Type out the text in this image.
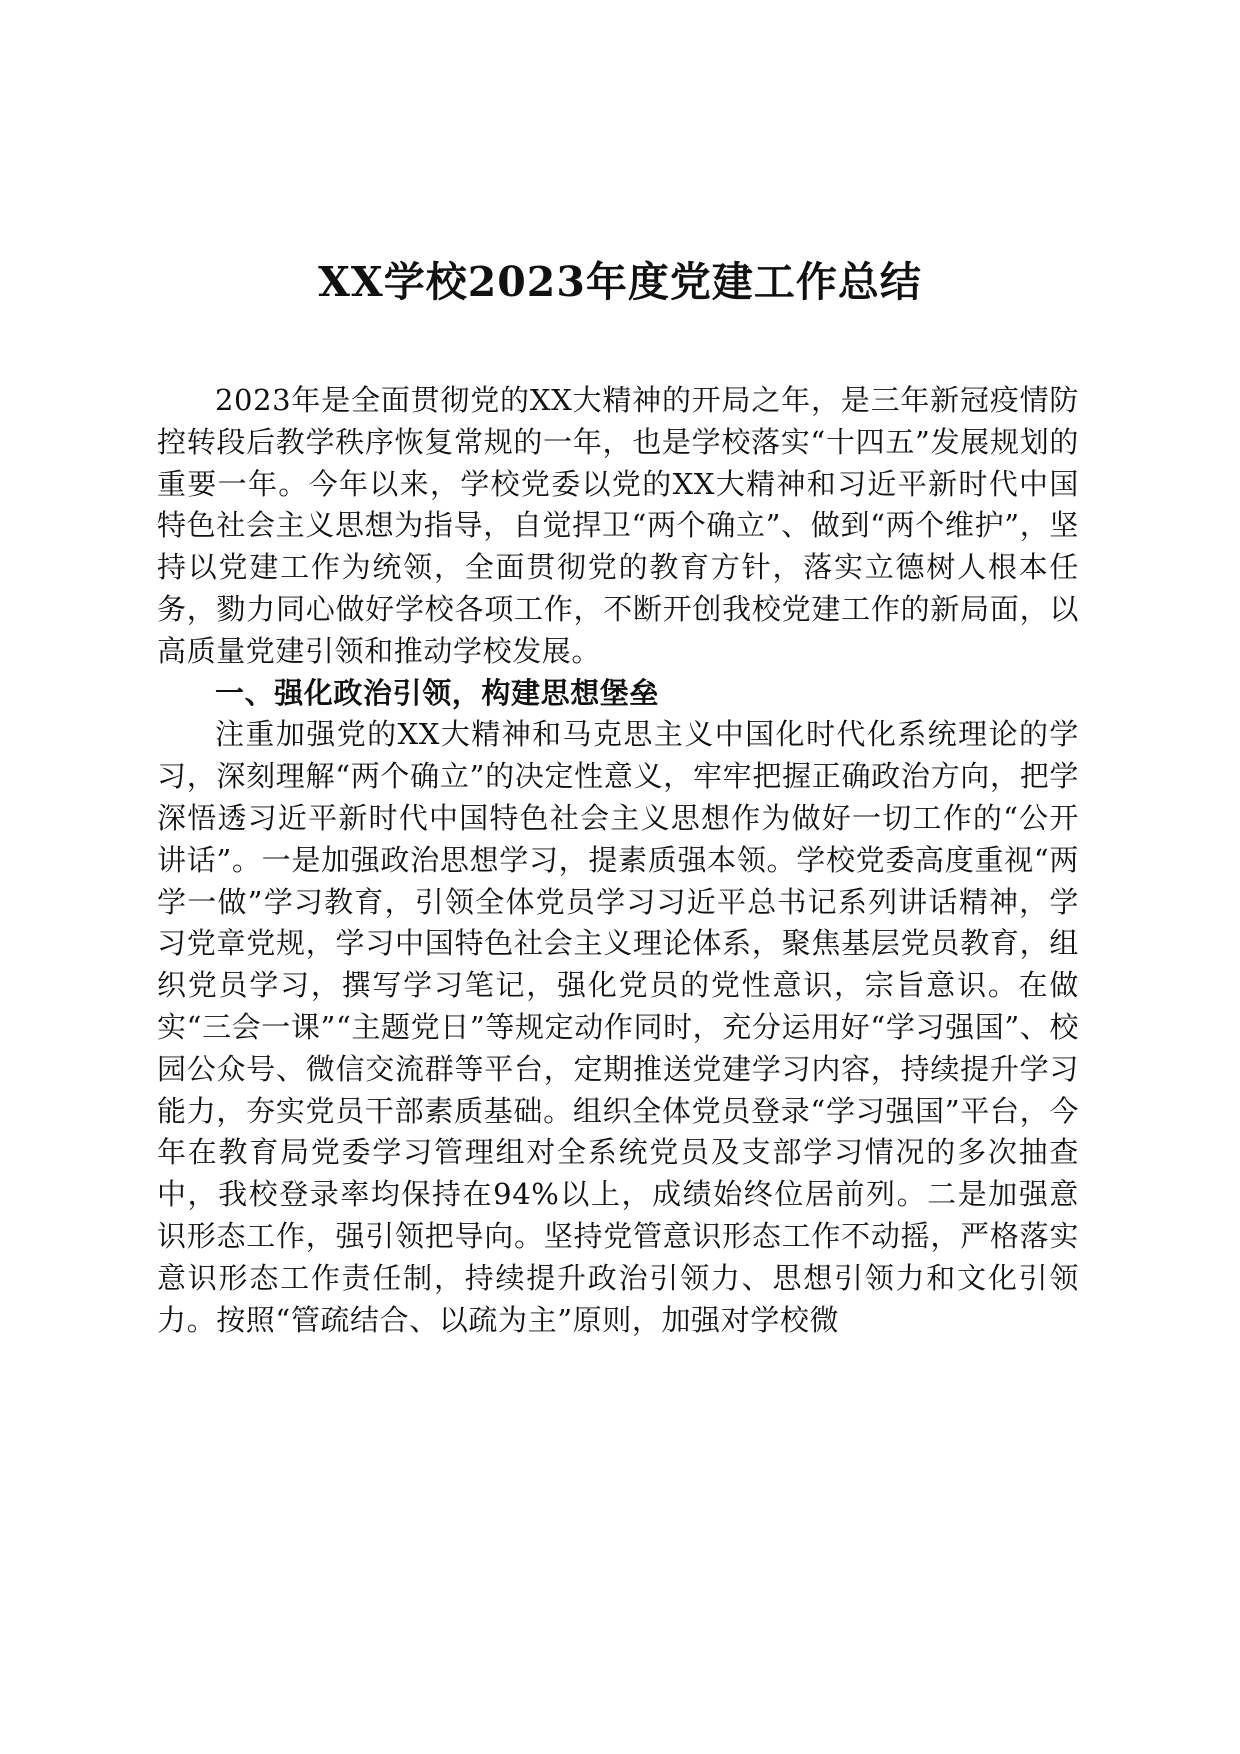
XX学校2023年度党建工作总结

2023年是全面贯彻党的XX大精神的开局之年，是三年新冠疫情防控转段后教学秩序恢复常规的一年，也是学校落实“十四五”发展规划的重要一年。今年以来，学校党委以党的XX大精神和习近平新时代中国特色社会主义思想为指导，自觉捍卫“两个确立”、做到“两个维护”，坚持以党建工作为统领，全面贯彻党的教育方针，落实立德树人根本任务，勠力同心做好学校各项工作，不断开创我校党建工作的新局面，以高质量党建引领和推动学校发展。

一、强化政治引领，构建思想堡垒

注重加强党的XX大精神和马克思主义中国化时代化系统理论的学习，深刻理解“两个确立”的决定性意义，牢牢把握正确政治方向，把学深悟透习近平新时代中国特色社会主义思想作为做好一切工作的“公开讲话”。一是加强政治思想学习，提素质强本领。学校党委高度重视“两学一做”学习教育，引领全体党员学习习近平总书记系列讲话精神，学习党章党规，学习中国特色社会主义理论体系，聚焦基层党员教育，组织党员学习，撰写学习笔记，强化党员的党性意识，宗旨意识。在做实“三会一课”“主题党日”等规定动作同时，充分运用好“学习强国”、校园公众号、微信交流群等平台，定期推送党建学习内容，持续提升学习能力，夯实党员干部素质基础。组织全体党员登录“学习强国”平台，今年在教育局党委学习管理组对全系统党员及支部学习情况的多次抽查中，我校登录率均保持在94%以上，成绩始终位居前列。二是加强意识形态工作，强引领把导向。坚持党管意识形态工作不动摇，严格落实意识形态工作责任制，持续提升政治引领力、思想引领力和文化引领力。按照“管疏结合、以疏为主”原则，加强对学校微
